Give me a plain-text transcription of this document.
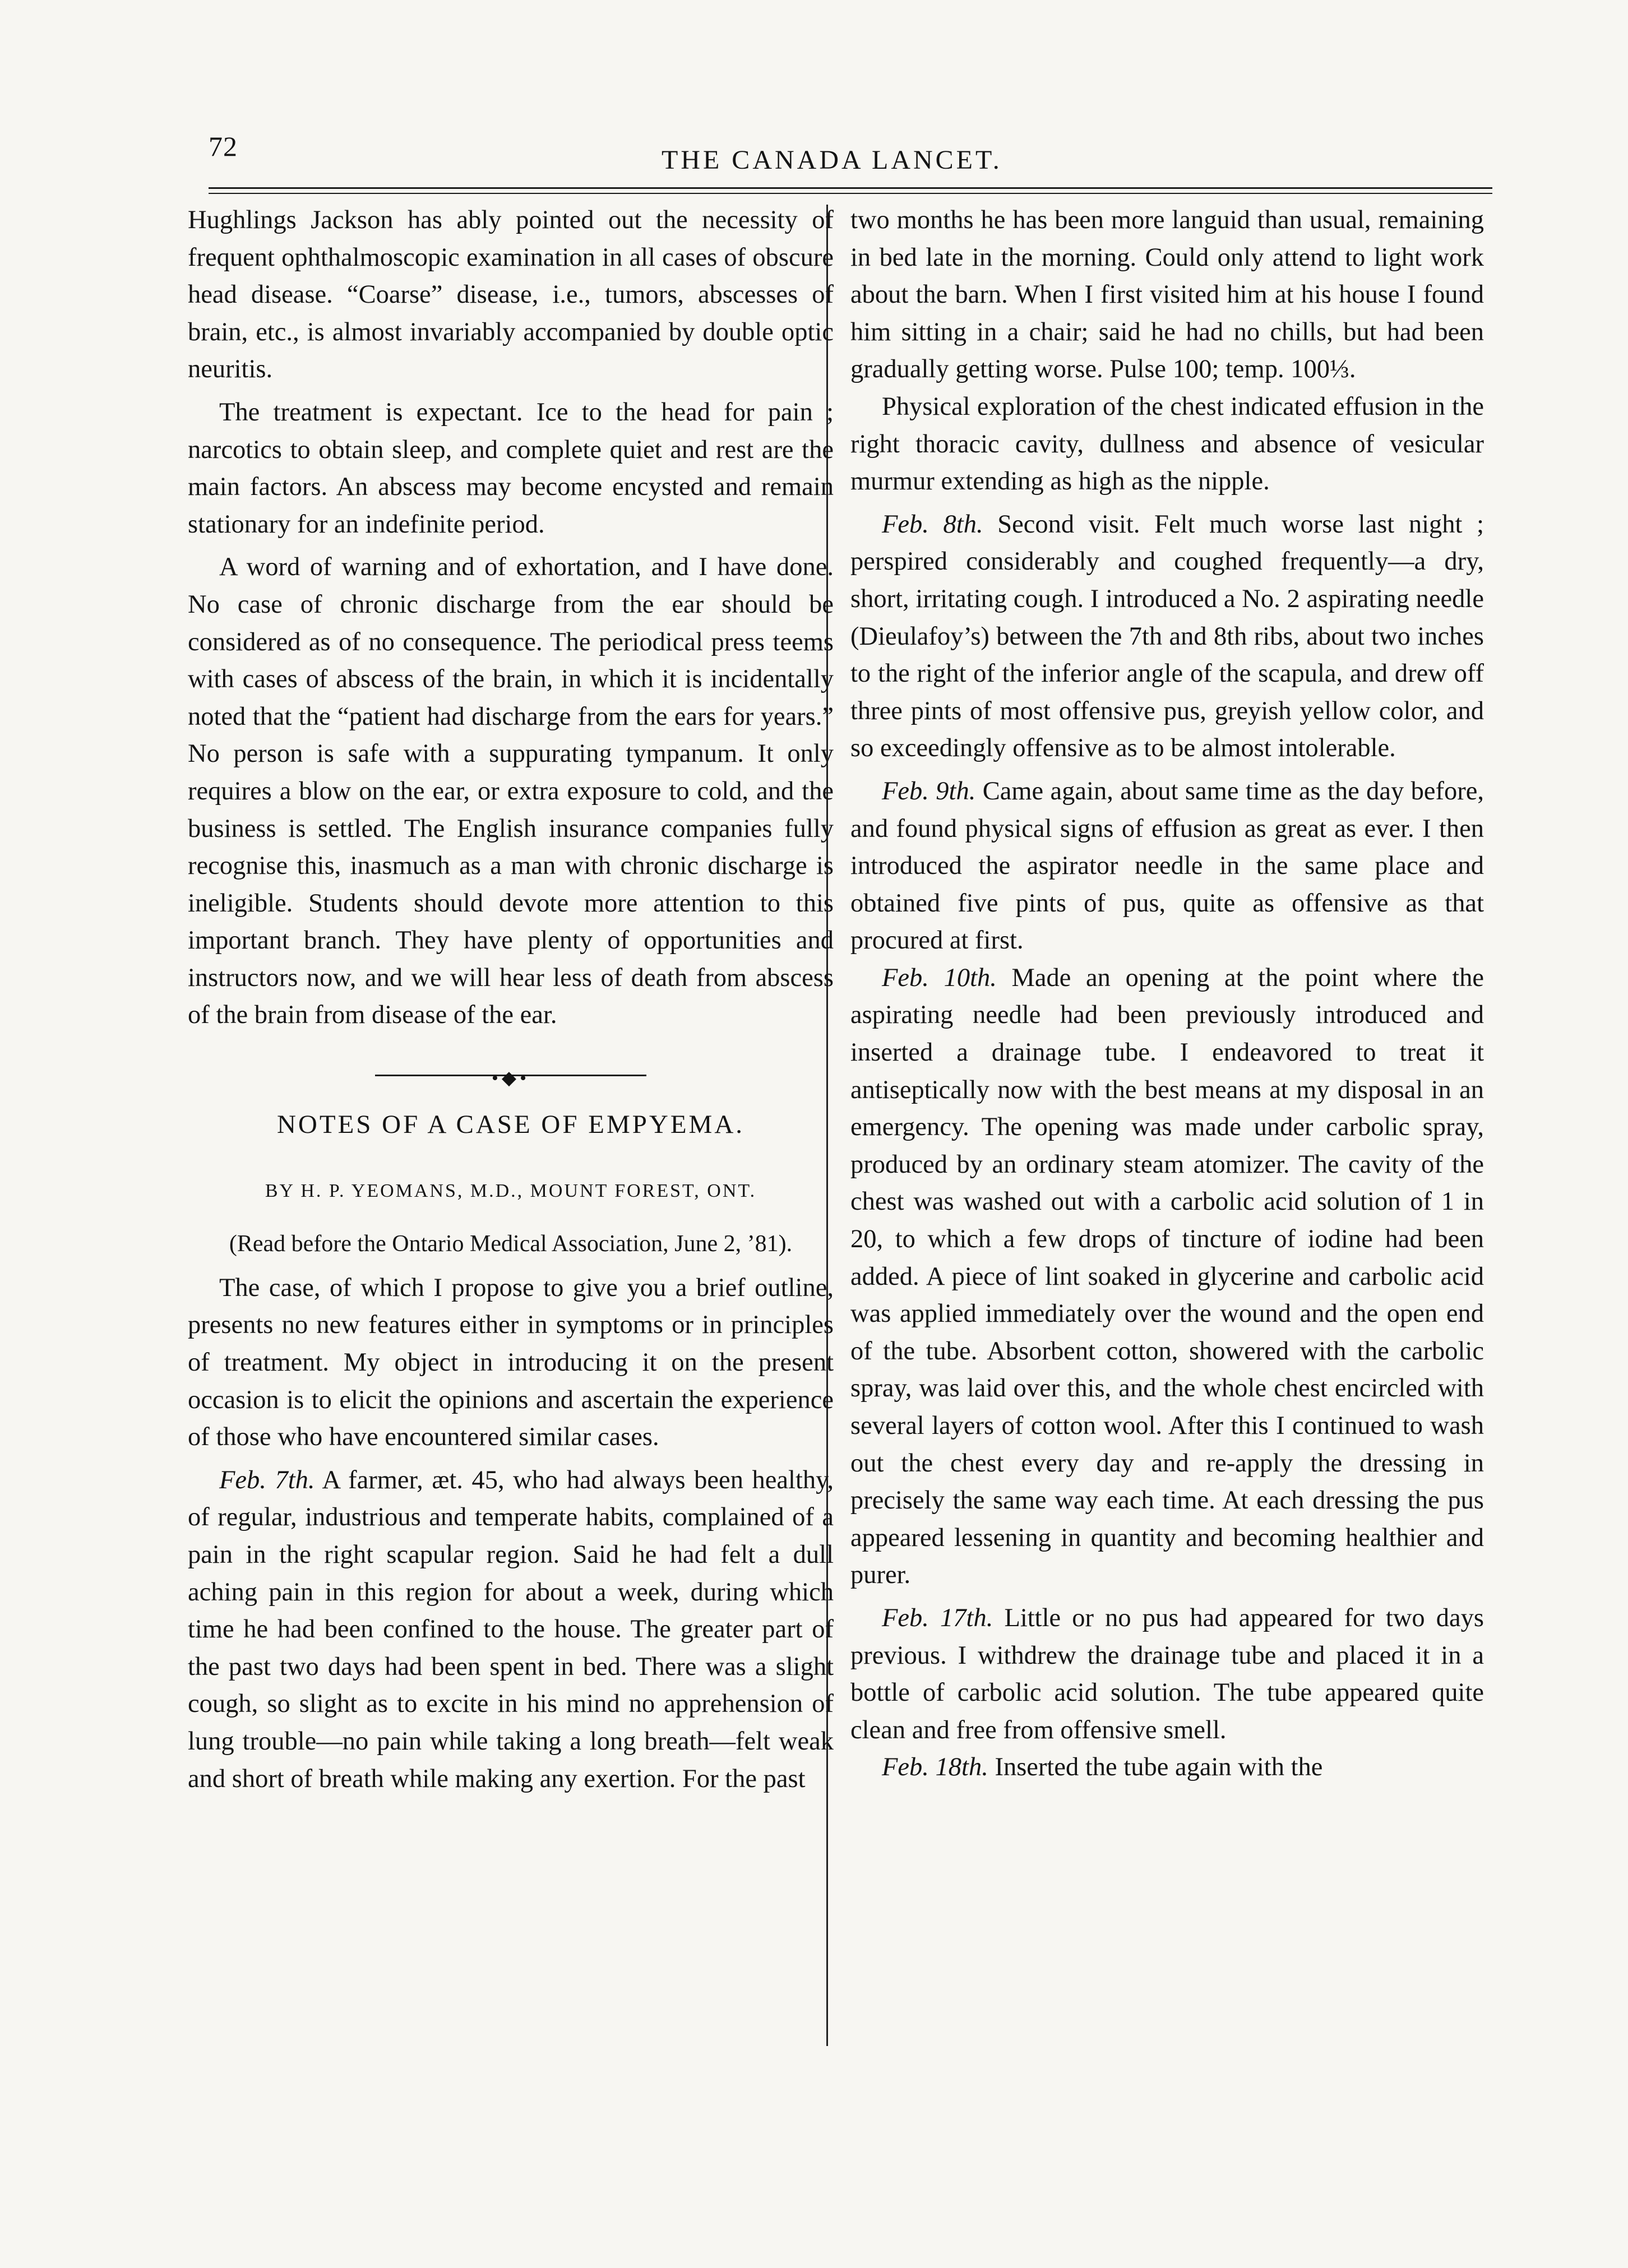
72	THE CANADA LANCET.

Hughlings Jackson has ably pointed out the necessity of frequent ophthalmoscopic examination in all cases of obscure head disease. “Coarse” disease, i.e., tumors, abscesses of brain, etc., is almost invariably accompanied by double optic neuritis.

The treatment is expectant. Ice to the head for pain ; narcotics to obtain sleep, and complete quiet and rest are the main factors. An abscess may become encysted and remain stationary for an indefinite period.

A word of warning and of exhortation, and I have done. No case of chronic discharge from the ear should be considered as of no consequence. The periodical press teems with cases of abscess of the brain, in which it is incidentally noted that the “patient had discharge from the ears for years.” No person is safe with a suppurating tympanum. It only requires a blow on the ear, or extra exposure to cold, and the business is settled. The English insurance companies fully recognise this, inasmuch as a man with chronic discharge is ineligible. Students should devote more attention to this important branch. They have plenty of opportunities and instructors now, and we will hear less of death from abscess of the brain from disease of the ear.

•◆•
NOTES OF A CASE OF EMPYEMA.
BY H. P. YEOMANS, M.D., MOUNT FOREST, ONT.
(Read before the Ontario Medical Association, June 2, ’81).

The case, of which I propose to give you a brief outline, presents no new features either in symptoms or in principles of treatment. My object in introducing it on the present occasion is to elicit the opinions and ascertain the experience of those who have encountered similar cases.

Feb. 7th. A farmer, æt. 45, who had always been healthy, of regular, industrious and temperate habits, complained of a pain in the right scapular region. Said he had felt a dull aching pain in this region for about a week, during which time he had been confined to the house. The greater part of the past two days had been spent in bed. There was a slight cough, so slight as to excite in his mind no apprehension of lung trouble—no pain while taking a long breath—felt weak and short of breath while making any exertion. For the past

two months he has been more languid than usual, remaining in bed late in the morning. Could only attend to light work about the barn. When I first visited him at his house I found him sitting in a chair; said he had no chills, but had been gradually getting worse. Pulse 100; temp. 100⅓.

Physical exploration of the chest indicated effusion in the right thoracic cavity, dullness and absence of vesicular murmur extending as high as the nipple.

Feb. 8th. Second visit. Felt much worse last night ; perspired considerably and coughed frequently—a dry, short, irritating cough. I introduced a No. 2 aspirating needle (Dieulafoy’s) between the 7th and 8th ribs, about two inches to the right of the inferior angle of the scapula, and drew off three pints of most offensive pus, greyish yellow color, and so exceedingly offensive as to be almost intolerable.

Feb. 9th. Came again, about same time as the day before, and found physical signs of effusion as great as ever. I then introduced the aspirator needle in the same place and obtained five pints of pus, quite as offensive as that procured at first.

Feb. 10th. Made an opening at the point where the aspirating needle had been previously introduced and inserted a drainage tube. I endeavored to treat it antiseptically now with the best means at my disposal in an emergency. The opening was made under carbolic spray, produced by an ordinary steam atomizer. The cavity of the chest was washed out with a carbolic acid solution of 1 in 20, to which a few drops of tincture of iodine had been added. A piece of lint soaked in glycerine and carbolic acid was applied immediately over the wound and the open end of the tube. Absorbent cotton, showered with the carbolic spray, was laid over this, and the whole chest encircled with several layers of cotton wool. After this I continued to wash out the chest every day and re-apply the dressing in precisely the same way each time. At each dressing the pus appeared lessening in quantity and becoming healthier and purer.

Feb. 17th. Little or no pus had appeared for two days previous. I withdrew the drainage tube and placed it in a bottle of carbolic acid solution. The tube appeared quite clean and free from offensive smell.

Feb. 18th. Inserted the tube again with the
